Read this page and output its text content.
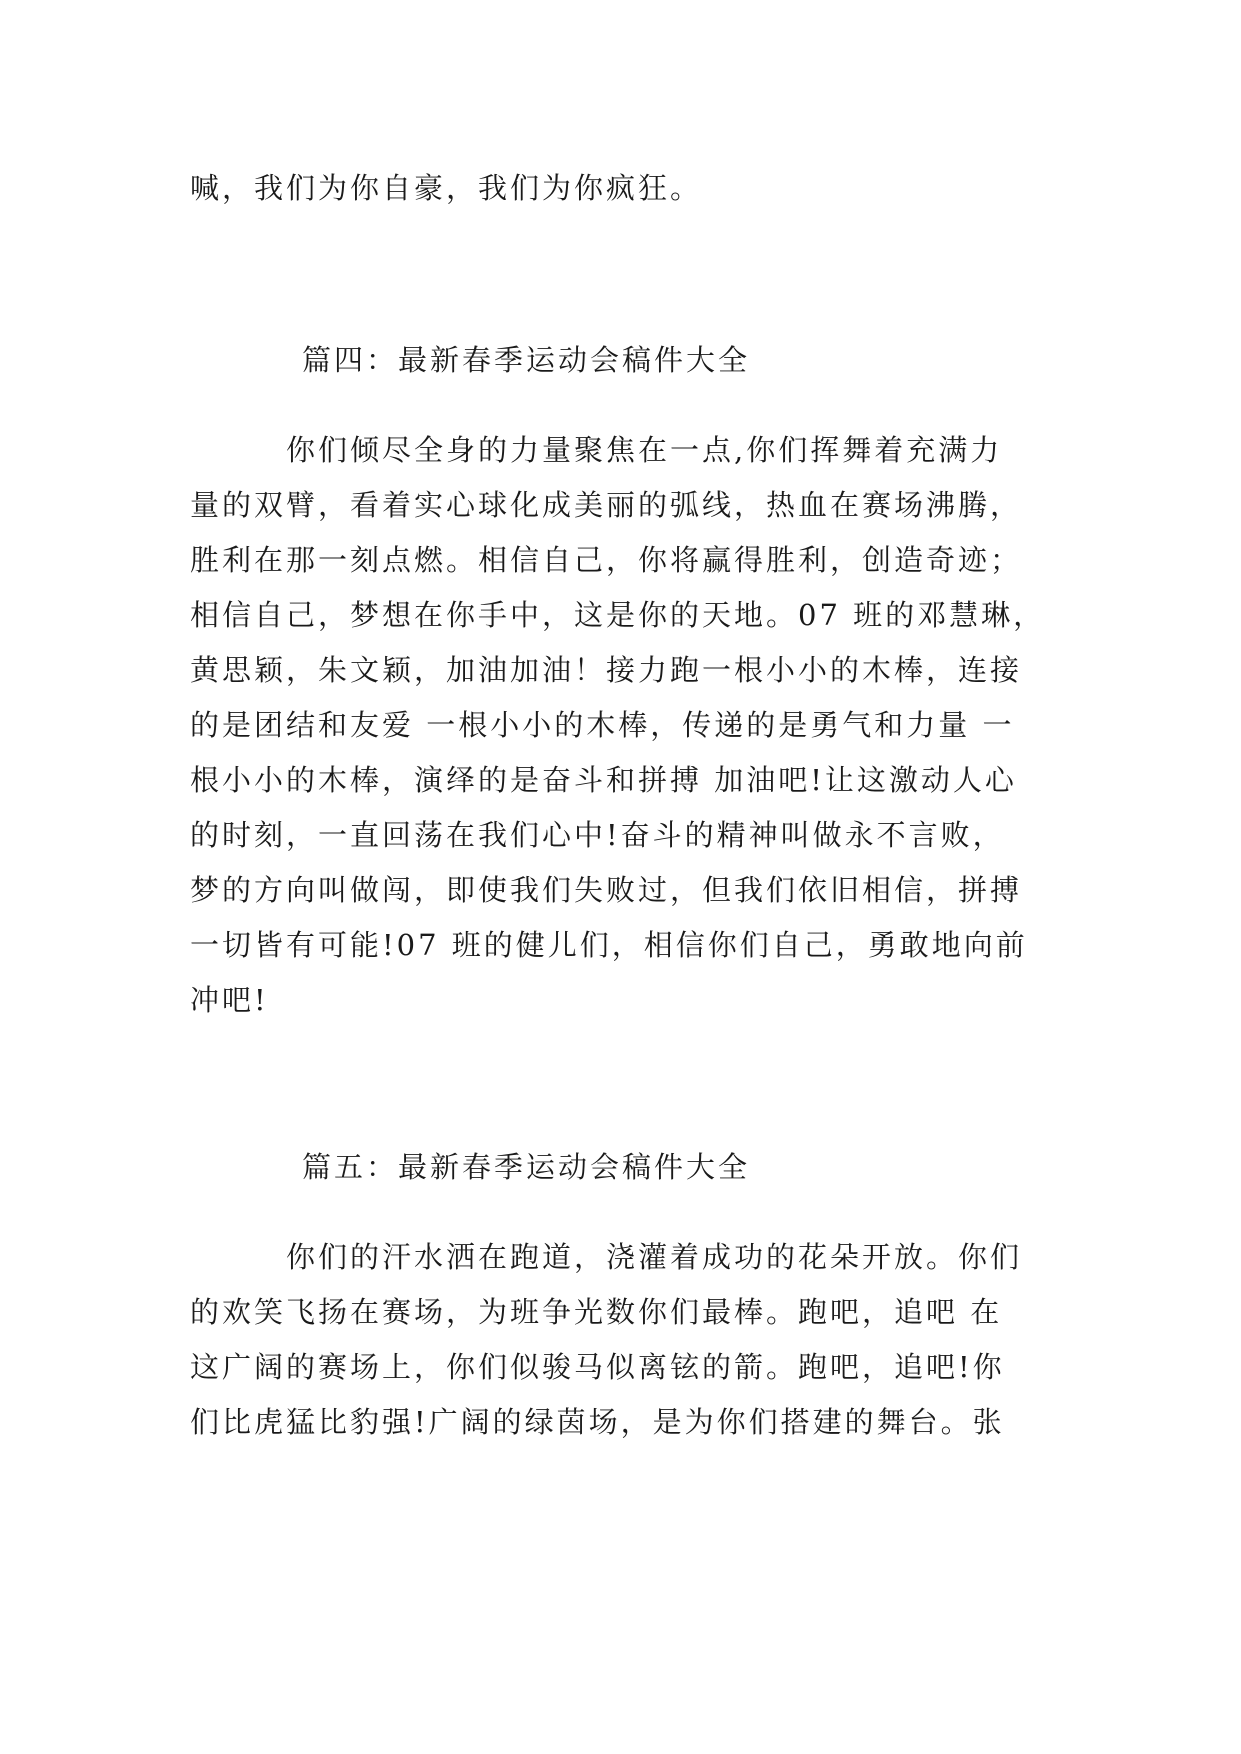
喊，我们为你自豪，我们为你疯狂。
篇四：最新春季运动会稿件大全
　　　你们倾尽全身的力量聚焦在一点,你们挥舞着充满力
量的双臂，看着实心球化成美丽的弧线，热血在赛场沸腾，
胜利在那一刻点燃。相信自己，你将赢得胜利，创造奇迹；
相信自己，梦想在你手中，这是你的天地。07 班的邓慧琳，
黄思颖，朱文颖，加油加油！接力跑一根小小的木棒，连接
的是团结和友爱 一根小小的木棒，传递的是勇气和力量 一
根小小的木棒，演绎的是奋斗和拼搏 加油吧!让这激动人心
的时刻，一直回荡在我们心中!奋斗的精神叫做永不言败，
梦的方向叫做闯，即使我们失败过，但我们依旧相信，拼搏
一切皆有可能!07 班的健儿们，相信你们自己，勇敢地向前
冲吧!
篇五：最新春季运动会稿件大全
　　　你们的汗水洒在跑道，浇灌着成功的花朵开放。你们
的欢笑飞扬在赛场，为班争光数你们最棒。跑吧，追吧 在
这广阔的赛场上，你们似骏马似离铉的箭。跑吧，追吧!你
们比虎猛比豹强!广阔的绿茵场，是为你们搭建的舞台。张
